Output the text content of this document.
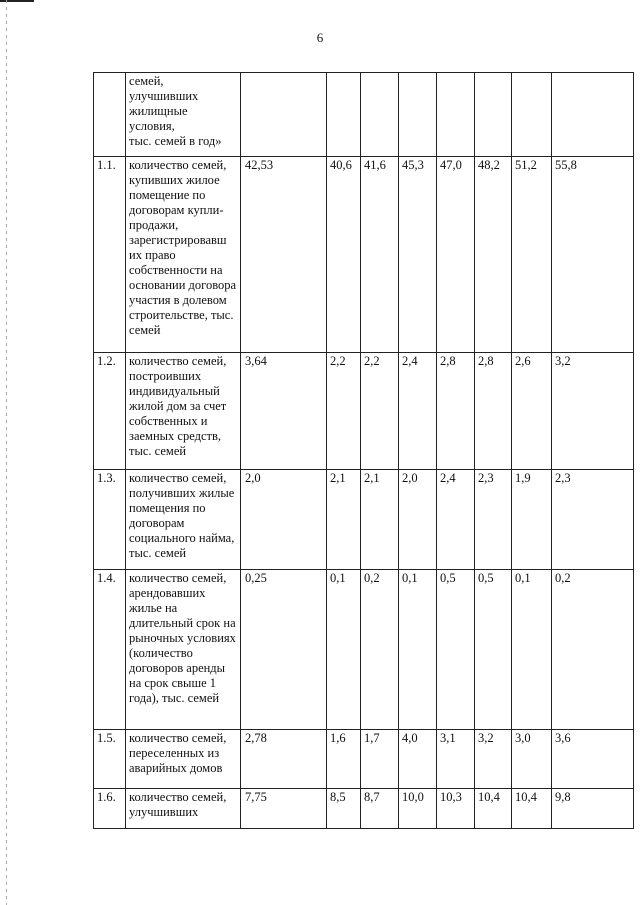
6
	семей,
улучшивших
жилищные
условия,
тыс. семей в год»								
1.1.	количество семей, купивших жилое помещение по договорам купли-продажи, зарегистрировавш их право собственности на основании договора участия в долевом строительстве, тыс. семей	42,53	40,6	41,6	45,3	47,0	48,2	51,2	55,8
1.2.	количество семей, построивших индивидуальный жилой дом за счет собственных и заемных средств, тыс. семей	3,64	2,2	2,2	2,4	2,8	2,8	2,6	3,2
1.3.	количество семей, получивших жилые помещения по договорам социального найма, тыс. семей	2,0	2,1	2,1	2,0	2,4	2,3	1,9	2,3
1.4.	количество семей, арендовавших жилье на длительный срок на рыночных условиях (количество договоров аренды на срок свыше 1 года), тыс. семей	0,25	0,1	0,2	0,1	0,5	0,5	0,1	0,2
1.5.	количество семей, переселенных из аварийных домов	2,78	1,6	1,7	4,0	3,1	3,2	3,0	3,6
1.6.	количество семей, улучшивших	7,75	8,5	8,7	10,0	10,3	10,4	10,4	9,8
